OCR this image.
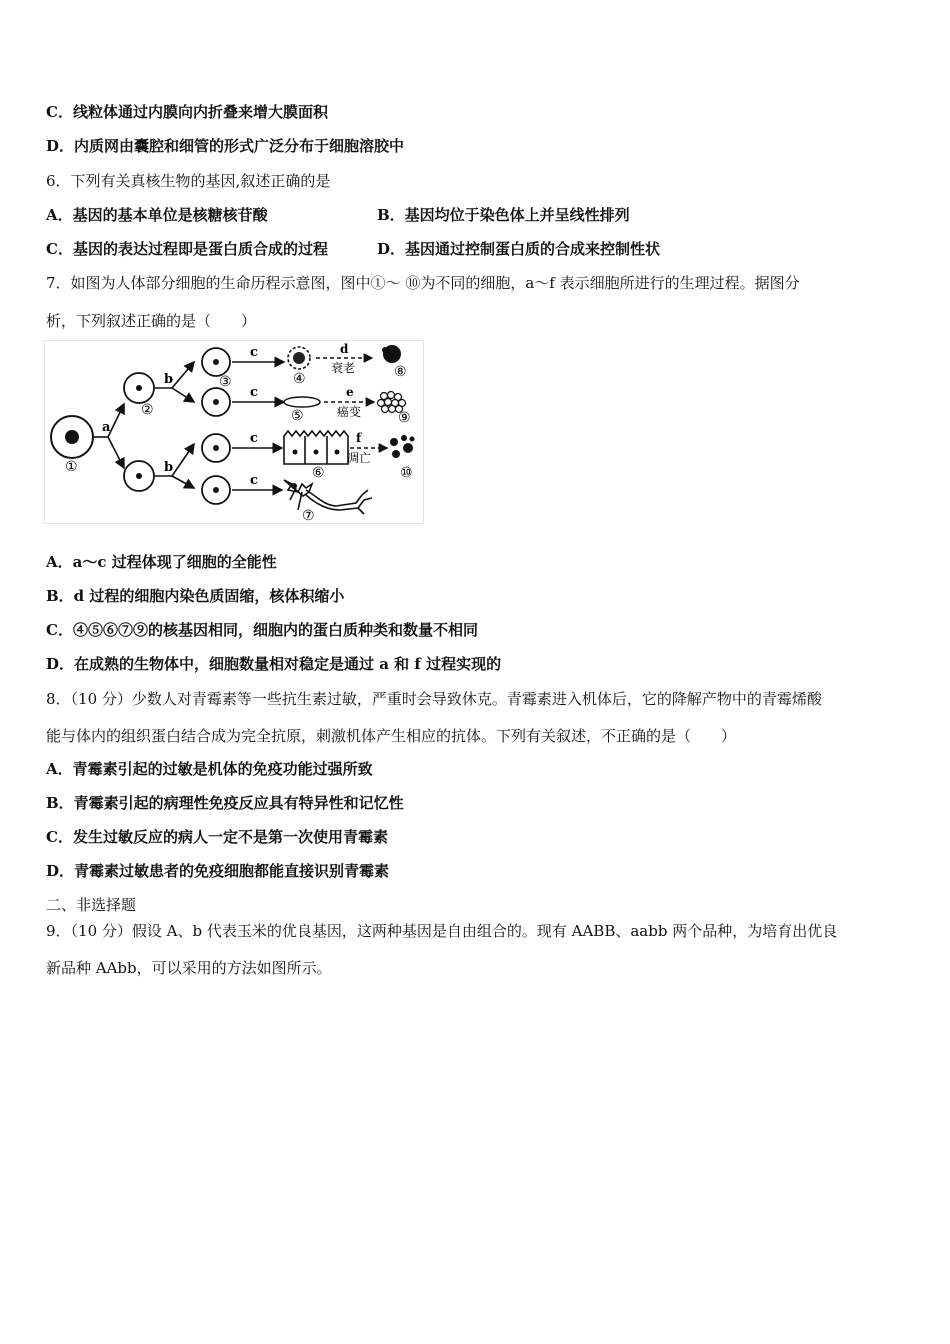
C．线粒体通过内膜向内折叠来增大膜面积
D．内质网由囊腔和细管的形式广泛分布于细胞溶胶中
6．下列有关真核生物的基因,叙述正确的是
A．基因的基本单位是核糖核苷酸	B．基因均位于染色体上并呈线性排列
C．基因的表达过程即是蛋白质合成的过程	D．基因通过控制蛋白质的合成来控制性状
7．如图为人体部分细胞的生命历程示意图，图中①～ ⑩为不同的细胞，a～f 表示细胞所进行的生理过程。据图分
析，下列叙述正确的是（　　）
①
a
②
b
b
③
c
c
c
c
④
d
衰老	⑧
⑤
e
癌变	⑨
⑥
f
凋亡
⑩
⑦
A．a～c 过程体现了细胞的全能性
B．d 过程的细胞内染色质固缩，核体积缩小
C．④⑤⑥⑦⑨的核基因相同，细胞内的蛋白质种类和数量不相同
D．在成熟的生物体中，细胞数量相对稳定是通过 a 和 f 过程实现的
8．（10 分）少数人对青霉素等一些抗生素过敏，严重时会导致休克。青霉素进入机体后，它的降解产物中的青霉烯酸
能与体内的组织蛋白结合成为完全抗原，刺激机体产生相应的抗体。下列有关叙述，不正确的是（　　）
A．青霉素引起的过敏是机体的免疫功能过强所致
B．青霉素引起的病理性免疫反应具有特异性和记忆性
C．发生过敏反应的病人一定不是第一次使用青霉素
D．青霉素过敏患者的免疫细胞都能直接识别青霉素
二、非选择题
9．（10 分）假设 A、b 代表玉米的优良基因，这两种基因是自由组合的。现有 AABB、aabb 两个品种，为培育出优良
新品种 AAbb，可以采用的方法如图所示。
